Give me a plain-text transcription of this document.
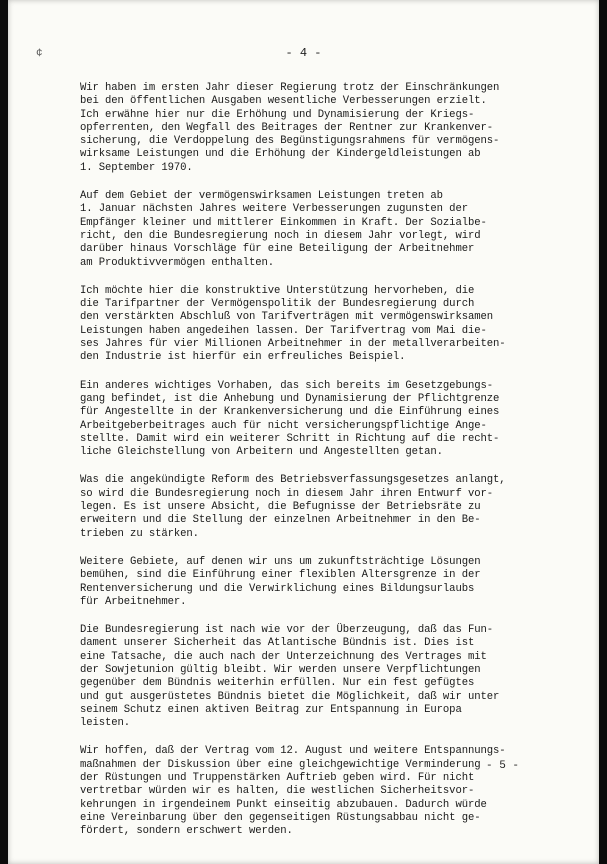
¢	- 4 -

Wir haben im ersten Jahr dieser Regierung trotz der Einschränkungen
bei den öffentlichen Ausgaben wesentliche Verbesserungen erzielt.
Ich erwähne hier nur die Erhöhung und Dynamisierung der Kriegs-
opferrenten, den Wegfall des Beitrages der Rentner zur Krankenver-
sicherung, die Verdoppelung des Begünstigungsrahmens für vermögens-
wirksame Leistungen und die Erhöhung der Kindergeldleistungen ab
1. September 1970.

Auf dem Gebiet der vermögenswirksamen Leistungen treten ab
1. Januar nächsten Jahres weitere Verbesserungen zugunsten der
Empfänger kleiner und mittlerer Einkommen in Kraft. Der Sozialbe-
richt, den die Bundesregierung noch in diesem Jahr vorlegt, wird
darüber hinaus Vorschläge für eine Beteiligung der Arbeitnehmer
am Produktivvermögen enthalten.

Ich möchte hier die konstruktive Unterstützung hervorheben, die
die Tarifpartner der Vermögenspolitik der Bundesregierung durch
den verstärkten Abschluß von Tarifverträgen mit vermögenswirksamen
Leistungen haben angedeihen lassen. Der Tarifvertrag vom Mai die-
ses Jahres für vier Millionen Arbeitnehmer in der metallverarbeiten-
den Industrie ist hierfür ein erfreuliches Beispiel.

Ein anderes wichtiges Vorhaben, das sich bereits im Gesetzgebungs-
gang befindet, ist die Anhebung und Dynamisierung der Pflichtgrenze
für Angestellte in der Krankenversicherung und die Einführung eines
Arbeitgeberbeitrages auch für nicht versicherungspflichtige Ange-
stellte. Damit wird ein weiterer Schritt in Richtung auf die recht-
liche Gleichstellung von Arbeitern und Angestellten getan.

Was die angekündigte Reform des Betriebsverfassungsgesetzes anlangt,
so wird die Bundesregierung noch in diesem Jahr ihren Entwurf vor-
legen. Es ist unsere Absicht, die Befugnisse der Betriebsräte zu
erweitern und die Stellung der einzelnen Arbeitnehmer in den Be-
trieben zu stärken.

Weitere Gebiete, auf denen wir uns um zukunftsträchtige Lösungen
bemühen, sind die Einführung einer flexiblen Altersgrenze in der
Rentenversicherung und die Verwirklichung eines Bildungsurlaubs
für Arbeitnehmer.

Die Bundesregierung ist nach wie vor der Überzeugung, daß das Fun-
dament unserer Sicherheit das Atlantische Bündnis ist. Dies ist
eine Tatsache, die auch nach der Unterzeichnung des Vertrages mit
der Sowjetunion gültig bleibt. Wir werden unsere Verpflichtungen
gegenüber dem Bündnis weiterhin erfüllen. Nur ein fest gefügtes
und gut ausgerüstetes Bündnis bietet die Möglichkeit, daß wir unter
seinem Schutz einen aktiven Beitrag zur Entspannung in Europa
leisten.

Wir hoffen, daß der Vertrag vom 12. August und weitere Entspannungs-
maßnahmen der Diskussion über eine gleichgewichtige Verminderung
der Rüstungen und Truppenstärken Auftrieb geben wird. Für nicht
vertretbar würden wir es halten, die westlichen Sicherheitsvor-
kehrungen in irgendeinem Punkt einseitig abzubauen. Dadurch würde
eine Vereinbarung über den gegenseitigen Rüstungsabbau nicht ge-
fördert, sondern erschwert werden.

- 5 -
